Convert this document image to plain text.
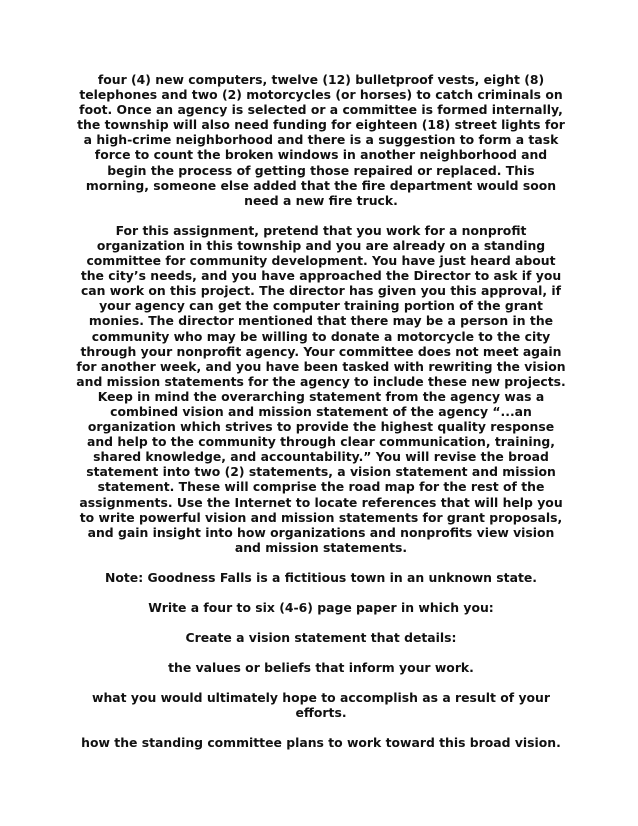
four (4) new computers, twelve (12) bulletproof vests, eight (8) telephones and two (2) motorcycles (or horses) to catch criminals on foot. Once an agency is selected or a committee is formed internally, the township will also need funding for eighteen (18) street lights for a high-crime neighborhood and there is a suggestion to form a task force to count the broken windows in another neighborhood and begin the process of getting those repaired or replaced. This morning, someone else added that the fire department would soon need a new fire truck.

For this assignment, pretend that you work for a nonprofit organization in this township and you are already on a standing committee for community development. You have just heard about the city’s needs, and you have approached the Director to ask if you can work on this project. The director has given you this approval, if your agency can get the computer training portion of the grant monies. The director mentioned that there may be a person in the community who may be willing to donate a motorcycle to the city through your nonprofit agency. Your committee does not meet again for another week, and you have been tasked with rewriting the vision and mission statements for the agency to include these new projects. Keep in mind the overarching statement from the agency was a combined vision and mission statement of the agency “...an organization which strives to provide the highest quality response and help to the community through clear communication, training, shared knowledge, and accountability.” You will revise the broad statement into two (2) statements, a vision statement and mission statement. These will comprise the road map for the rest of the assignments. Use the Internet to locate references that will help you to write powerful vision and mission statements for grant proposals, and gain insight into how organizations and nonprofits view vision and mission statements.

Note: Goodness Falls is a fictitious town in an unknown state.

Write a four to six (4-6) page paper in which you:

Create a vision statement that details:

the values or beliefs that inform your work.

what you would ultimately hope to accomplish as a result of your efforts.

how the standing committee plans to work toward this broad vision.
